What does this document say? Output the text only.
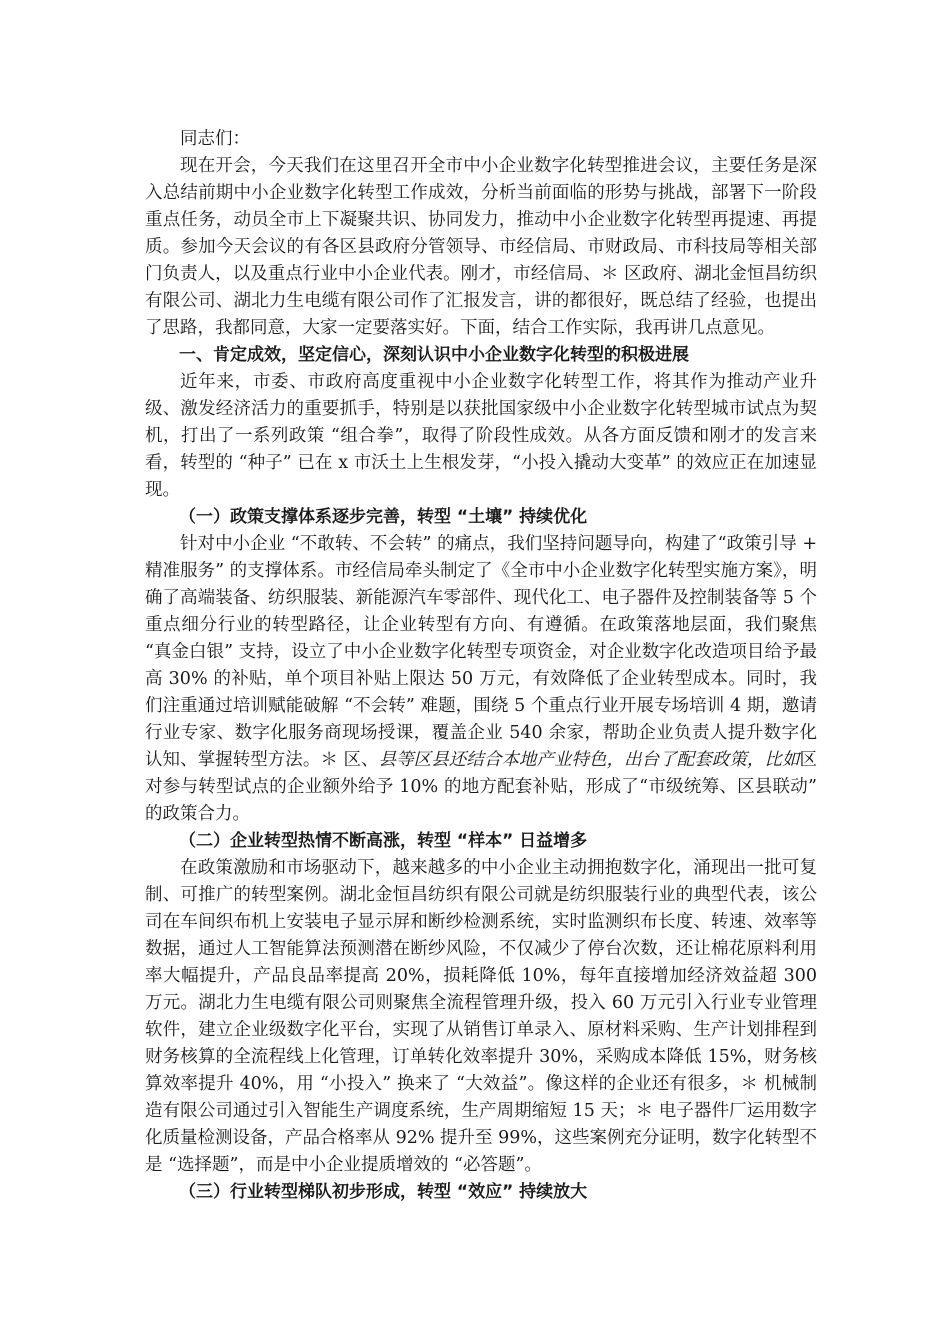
同志们：

现在开会，今天我们在这里召开全市中小企业数字化转型推进会议，主要任务是深入总结前期中小企业数字化转型工作成效，分析当前面临的形势与挑战，部署下一阶段重点任务，动员全市上下凝聚共识、协同发力，推动中小企业数字化转型再提速、再提质。参加今天会议的有各区县政府分管领导、市经信局、市财政局、市科技局等相关部门负责人，以及重点行业中小企业代表。刚才，市经信局、＊ 区政府、湖北金恒昌纺织有限公司、湖北力生电缆有限公司作了汇报发言，讲的都很好，既总结了经验，也提出了思路，我都同意，大家一定要落实好。下面，结合工作实际，我再讲几点意见。

一、肯定成效，坚定信心，深刻认识中小企业数字化转型的积极进展

近年来，市委、市政府高度重视中小企业数字化转型工作，将其作为推动产业升级、激发经济活力的重要抓手，特别是以获批国家级中小企业数字化转型城市试点为契机，打出了一系列政策 “组合拳”，取得了阶段性成效。从各方面反馈和刚才的发言来看，转型的 “种子” 已在 x 市沃土上生根发芽，“小投入撬动大变革” 的效应正在加速显现。

（一）政策支撑体系逐步完善，转型 “土壤” 持续优化

针对中小企业 “不敢转、不会转” 的痛点，我们坚持问题导向，构建了“政策引导 + 精准服务” 的支撑体系。市经信局牵头制定了《全市中小企业数字化转型实施方案》，明确了高端装备、纺织服装、新能源汽车零部件、现代化工、电子器件及控制装备等 5 个重点细分行业的转型路径，让企业转型有方向、有遵循。在政策落地层面，我们聚焦 “真金白银” 支持，设立了中小企业数字化转型专项资金，对企业数字化改造项目给予最高 30% 的补贴，单个项目补贴上限达 50 万元，有效降低了企业转型成本。同时，我们注重通过培训赋能破解 “不会转” 难题，围绕 5 个重点行业开展专场培训 4 期，邀请行业专家、数字化服务商现场授课，覆盖企业 540 余家，帮助企业负责人提升数字化认知、掌握转型方法。＊ 区、县等区县还结合本地产业特色，出台了配套政策，比如区对参与转型试点的企业额外给予 10% 的地方配套补贴，形成了“市级统筹、区县联动” 的政策合力。

（二）企业转型热情不断高涨，转型 “样本” 日益增多

在政策激励和市场驱动下，越来越多的中小企业主动拥抱数字化，涌现出一批可复制、可推广的转型案例。湖北金恒昌纺织有限公司就是纺织服装行业的典型代表，该公司在车间织布机上安装电子显示屏和断纱检测系统，实时监测织布长度、转速、效率等数据，通过人工智能算法预测潜在断纱风险，不仅减少了停台次数，还让棉花原料利用率大幅提升，产品良品率提高 20%，损耗降低 10%，每年直接增加经济效益超 300 万元。湖北力生电缆有限公司则聚焦全流程管理升级，投入 60 万元引入行业专业管理软件，建立企业级数字化平台，实现了从销售订单录入、原材料采购、生产计划排程到财务核算的全流程线上化管理，订单转化效率提升 30%，采购成本降低 15%，财务核算效率提升 40%，用 “小投入” 换来了 “大效益”。像这样的企业还有很多，＊ 机械制造有限公司通过引入智能生产调度系统，生产周期缩短 15 天；＊ 电子器件厂运用数字化质量检测设备，产品合格率从 92% 提升至 99%，这些案例充分证明，数字化转型不是 “选择题”，而是中小企业提质增效的 “必答题”。

（三）行业转型梯队初步形成，转型 “效应” 持续放大
